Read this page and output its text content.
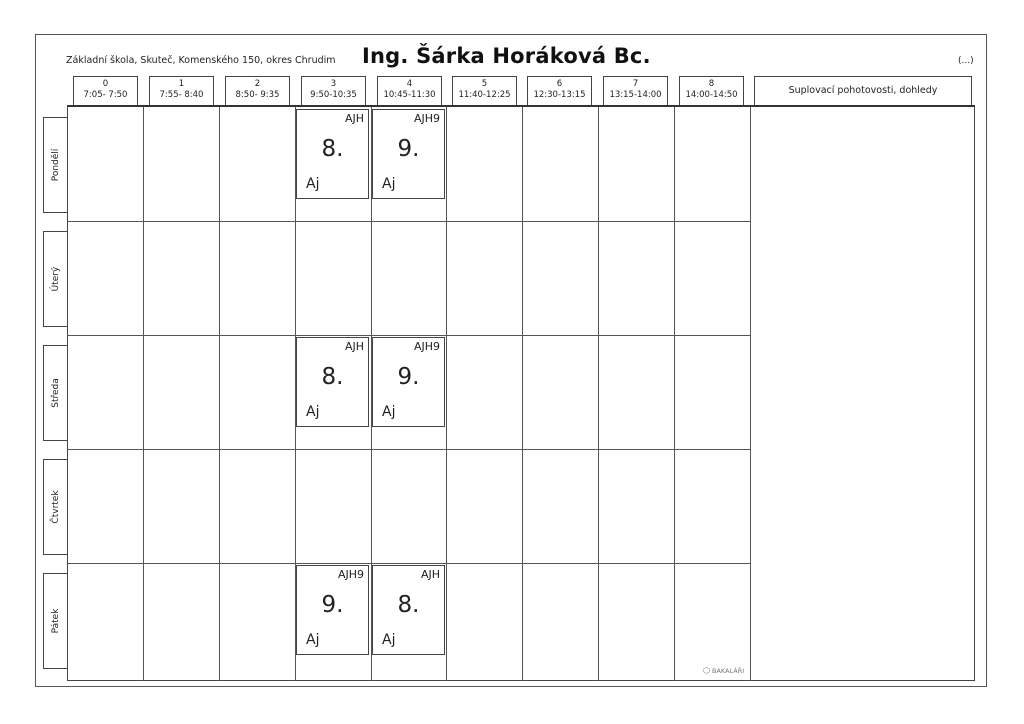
Základní škola, Skuteč, Komenského 150, okres Chrudim Ing. Šárka Horáková Bc.	(...)
0
7:05- 7:50
1
7:55- 8:40
2
8:50- 9:35
3
9:50-10:35
4
10:45-11:30
5
11:40-12:25
6
12:30-13:15
7
13:15-14:00
8
14:00-14:50	Suplovací pohotovosti, dohledy
Pondělí
Úterý
Středa
Čtvrtek
Pátek
AJH
8.
Aj
AJH9
9.
Aj
AJH
8.
Aj
AJH9
9.
Aj
AJH9
9.
Aj
AJH
8.
Aj
⬡ BAKALÁŘI
